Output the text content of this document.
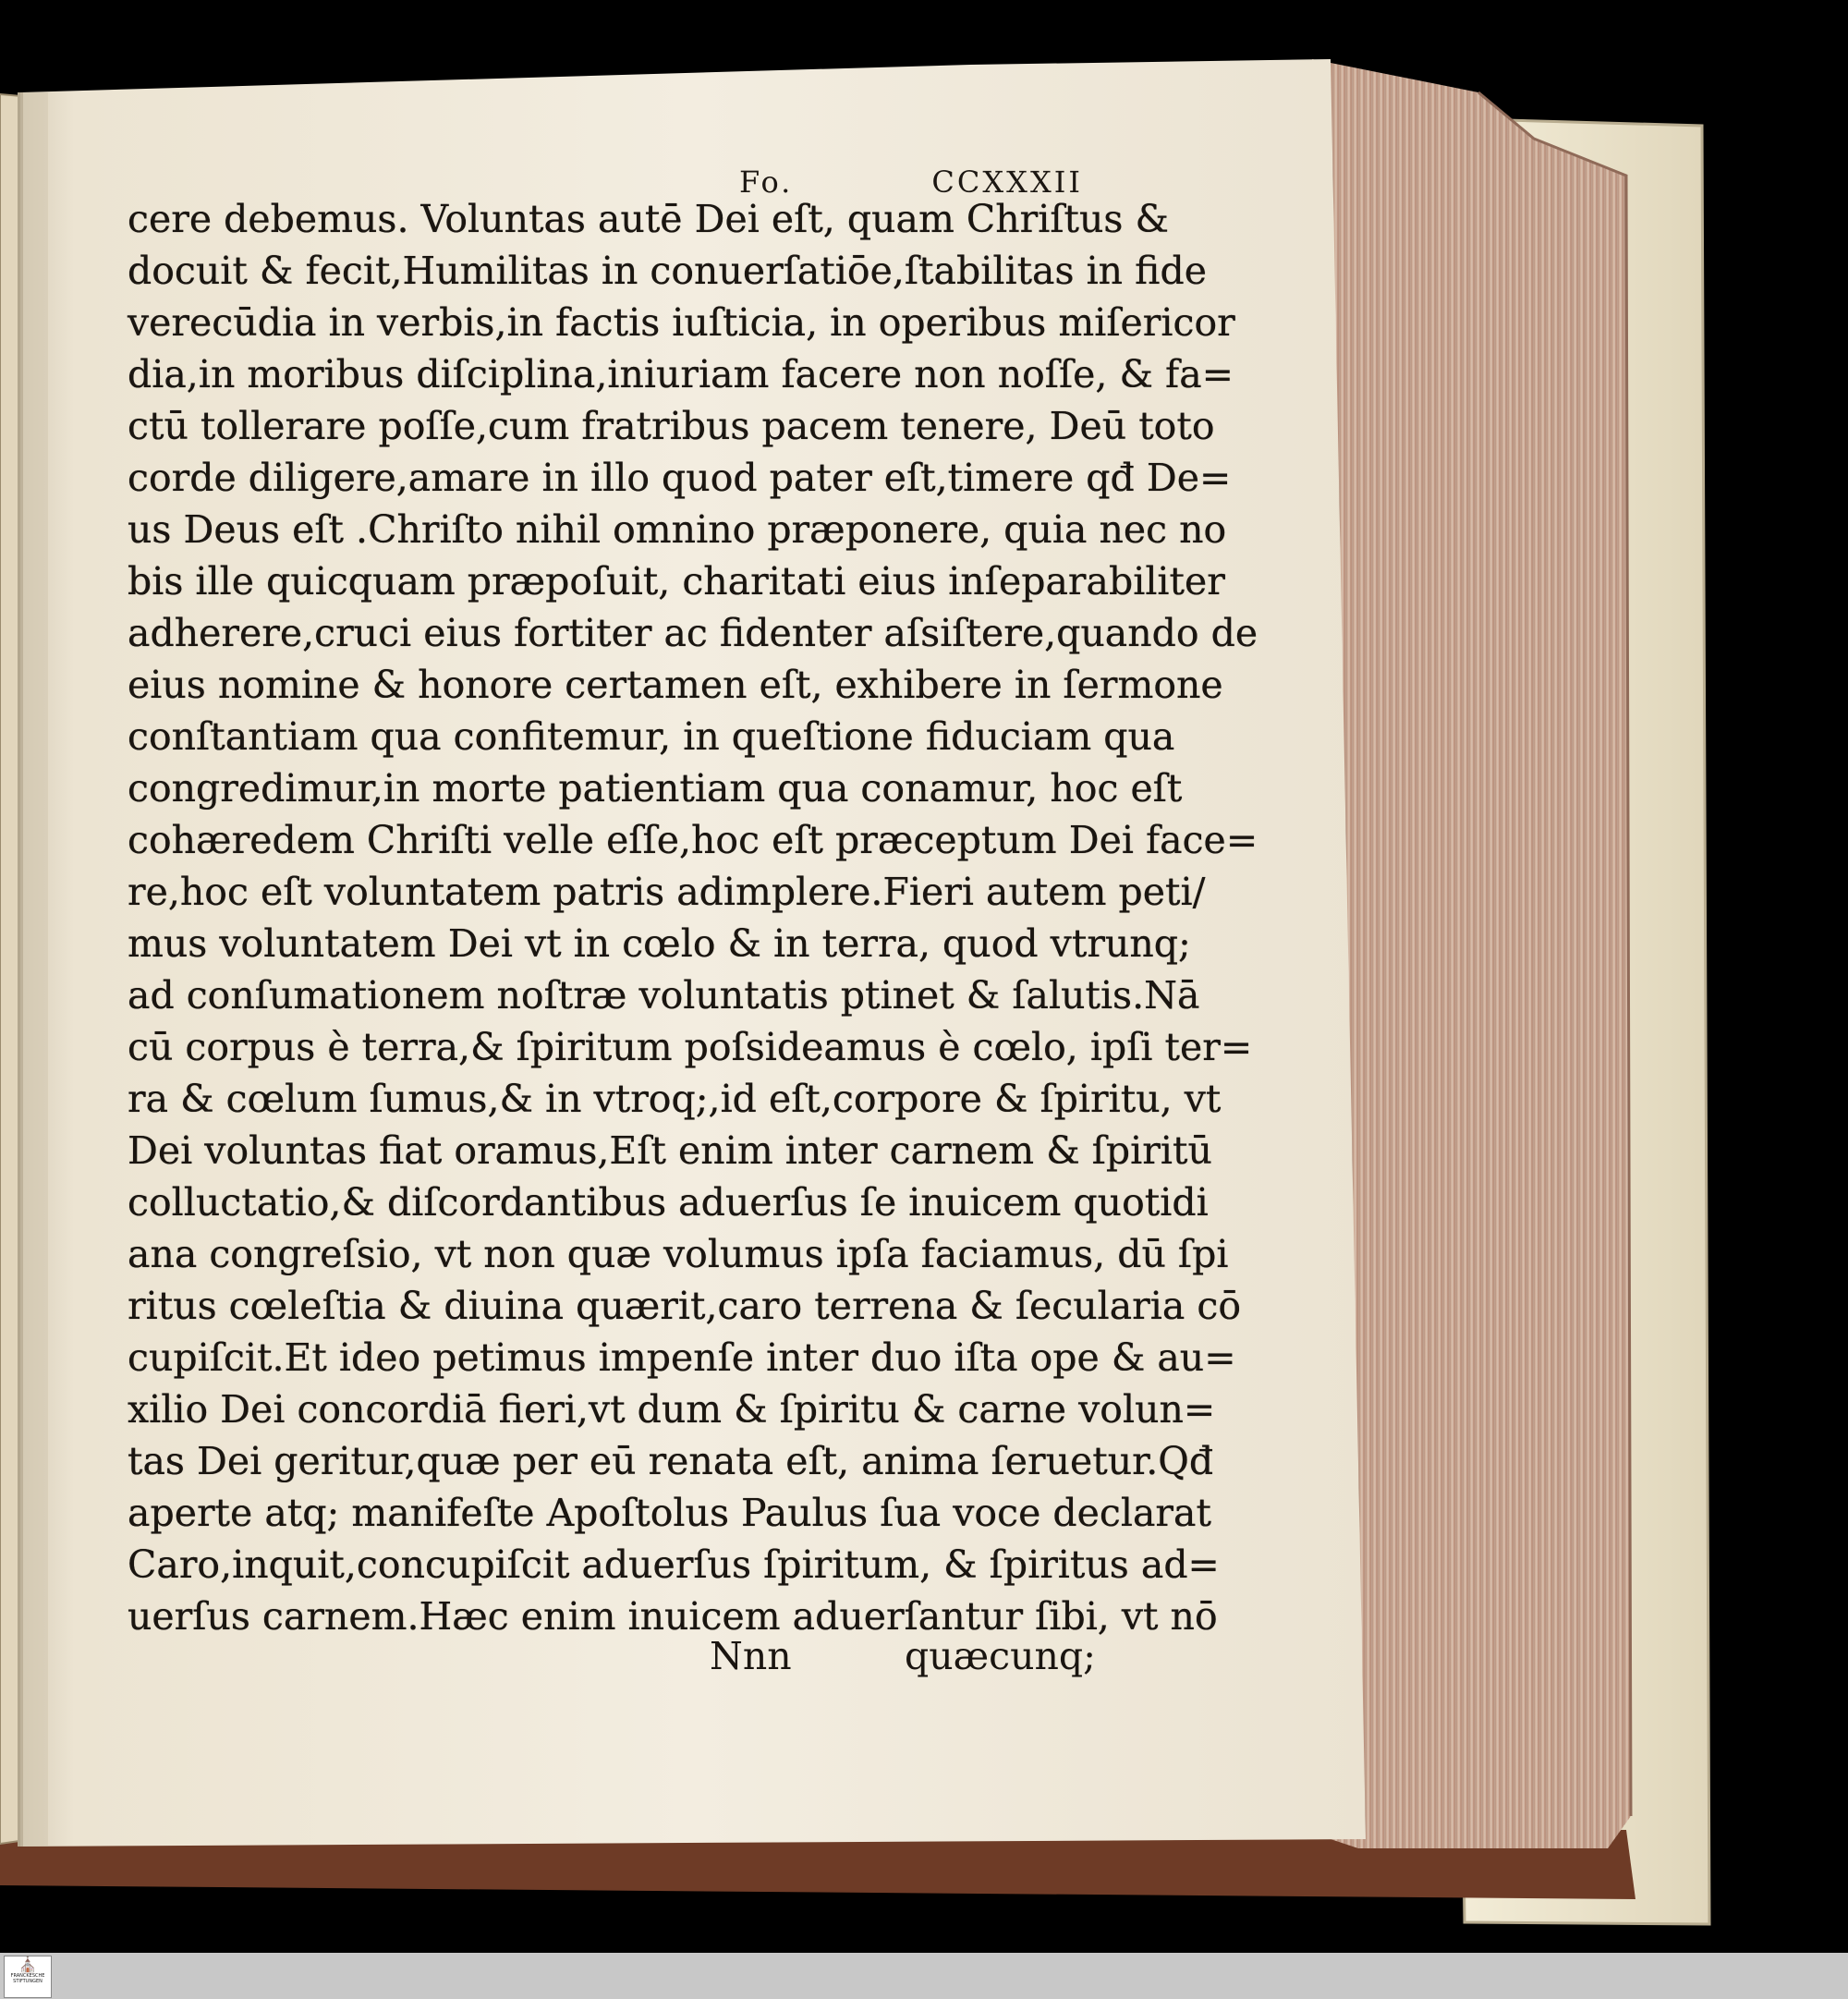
Fo.	CCXXXII
cere debemus. Voluntas autē Dei eſt, quam Chriſtus &
docuit & fecit,Humilitas in conuerſatiōe,ſtabilitas in fide
verecūdia in verbis,in factis iuſticia, in operibus miſericor
dia,in moribus diſciplina,iniuriam facere non noſſe, & fa=
ctū tollerare poſſe,cum fratribus pacem tenere, Deū toto
corde diligere,amare in illo quod pater eſt,timere qđ De=
us Deus eſt .Chriſto nihil omnino præponere, quia nec no
bis ille quicquam præpoſuit, charitati eius inſeparabiliter
adherere,cruci eius fortiter ac fidenter aſsiſtere,quando de
eius nomine & honore certamen eſt, exhibere in ſermone
conſtantiam qua confitemur, in queſtione fiduciam qua
congredimur,in morte patientiam qua conamur, hoc eſt
cohæredem Chriſti velle eſſe,hoc eſt præceptum Dei face=
re,hoc eſt voluntatem patris adimplere.Fieri autem peti/
mus voluntatem Dei vt in cœlo & in terra, quod vtrunq;
ad conſumationem noſtræ voluntatis ptinet & ſalutis.Nā
cū corpus è terra,& ſpiritum poſsideamus è cœlo, ipſi ter=
ra & cœlum ſumus,& in vtroq;,id eſt,corpore & ſpiritu, vt
Dei voluntas fiat oramus,Eſt enim inter carnem & ſpiritū
colluctatio,& diſcordantibus aduerſus ſe inuicem quotidi
ana congreſsio, vt non quæ volumus ipſa faciamus, dū ſpi
ritus cœleſtia & diuina quærit,caro terrena & ſecularia cō
cupiſcit.Et ideo petimus impenſe inter duo iſta ope & au=
xilio Dei concordiā fieri,vt dum & ſpiritu & carne volun=
tas Dei geritur,quæ per eū renata eſt, anima ſeruetur.Qđ
aperte atq; manifeſte Apoſtolus Paulus ſua voce declarat
Caro,inquit,concupiſcit aduerſus ſpiritum, & ſpiritus ad=
uerſus carnem.Hæc enim inuicem aduerſantur ſibi, vt nō
Nnn	quæcunq;
⛪
FRANCKESCHE
STIFTUNGEN
